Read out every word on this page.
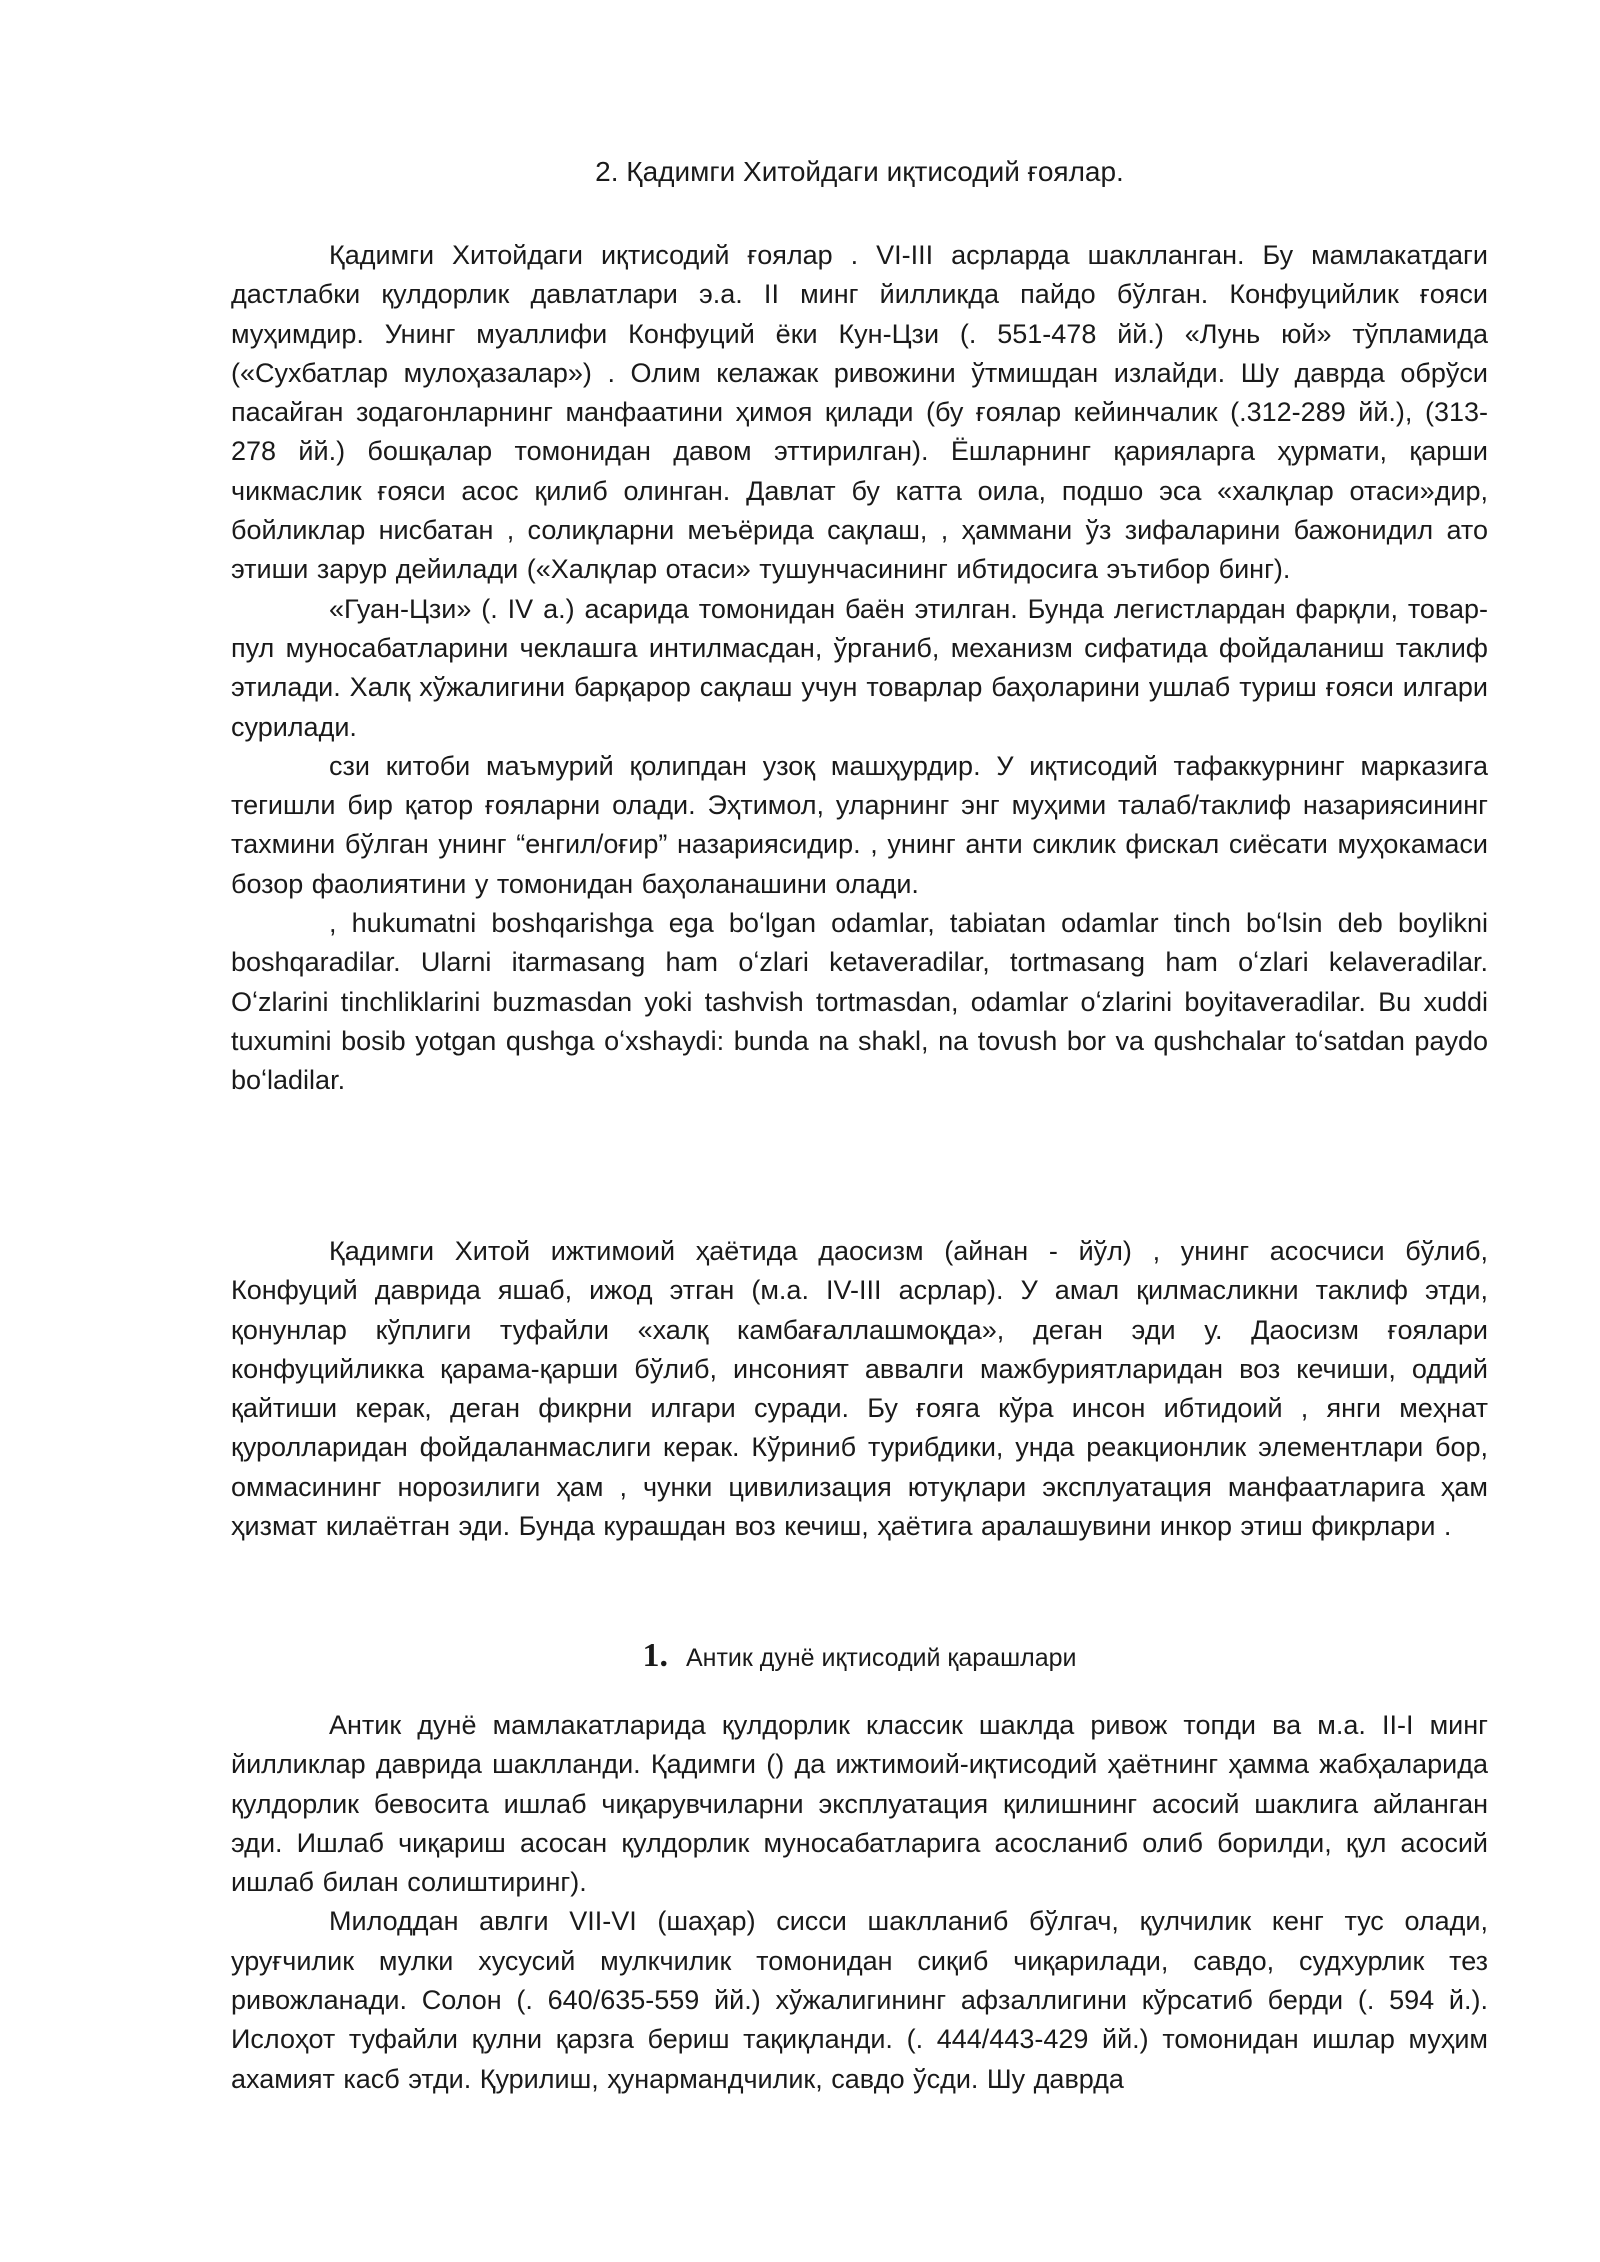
2. Қадимги Хитойдаги иқтисодий ғоялар.

Қадимги Хитойдаги иқтисодий ғоялар . VI-III асрларда шаклланган. Бу мамлакатдаги дастлабки қулдорлик давлатлари э.а. II минг йилликда пайдо бўлган. Конфуцийлик ғояси муҳимдир. Унинг муаллифи Конфуций ёки Кун-Цзи (. 551-478 йй.) «Лунь юй» тўпламида («Сухбатлар мулоҳазалар») . Олим келажак ривожини ўтмишдан излайди. Шу даврда обрўси пасайган зодагонларнинг манфаатини ҳимоя қилади (бу ғоялар кейинчалик (.312-289 йй.), (313-278 йй.) бошқалар томонидан давом эттирилган). Ёшларнинг қарияларга ҳурмати, қарши чикмаслик ғояси асос қилиб олинган. Давлат бу катта оила, подшо эса «халқлар отаси»дир, бойликлар нисбатан , солиқларни меъёрида сақлаш, , ҳаммани ўз зифаларини бажонидил ато этиши зарур дейилади («Халқлар отаси» тушунчасининг ибтидосига эътибор бинг).

«Гуан-Цзи» (. IV а.) асарида томонидан баён этилган. Бунда легистлардан фарқли, товар-пул муносабатларини чеклашга интилмасдан, ўрганиб, механизм сифатида фойдаланиш таклиф этилади. Халқ хўжалигини барқарор сақлаш учун товарлар баҳоларини ушлаб туриш ғояси илгари сурилади.

сзи китоби маъмурий қолипдан узоқ машҳурдир. У иқтисодий тафаккурнинг марказига тегишли бир қатор ғояларни олади. Эҳтимол, уларнинг энг муҳими талаб/таклиф назариясининг тахмини бўлган унинг “енгил/оғир” назариясидир. , унинг анти сиклик фискал сиёсати муҳокамаси бозор фаолиятини у томонидан баҳоланашини олади.

, hukumatni boshqarishga ega boʻlgan odamlar, tabiatan odamlar tinch boʻlsin deb boylikni boshqaradilar. Ularni itarmasang ham oʻzlari ketaveradilar, tortmasang ham oʻzlari kelaveradilar. Oʻzlarini tinchliklarini buzmasdan yoki tashvish tortmasdan, odamlar oʻzlarini boyitaveradilar. Bu xuddi tuxumini bosib yotgan qushga oʻxshaydi: bunda na shakl, na tovush bor va qushchalar toʻsatdan paydo boʻladilar.

Қадимги Хитой ижтимоий ҳаётида даосизм (айнан - йўл) , унинг асосчиси бўлиб, Конфуций даврида яшаб, ижод этган (м.а. IV-III асрлар). У амал қилмасликни таклиф этди, қонунлар кўплиги туфайли «халқ камбағаллашмоқда», деган эди у. Даосизм ғоялари конфуцийликка қарама-қарши бўлиб, инсоният аввалги мажбуриятларидан воз кечиши, оддий қайтиши керак, деган фикрни илгари суради. Бу ғояга кўра инсон ибтидоий , янги меҳнат қуролларидан фойдаланмаслиги керак. Кўриниб турибдики, унда реакционлик элементлари бор, оммасининг норозилиги ҳам , чунки цивилизация ютуқлари эксплуатация манфаатларига ҳам ҳизмат килаётган эди. Бунда курашдан воз кечиш, ҳаётига аралашувини инкор этиш фикрлари .

1. Антик дунё иқтисодий қарашлари

Антик дунё мамлакатларида қулдорлик классик шаклда ривож топди ва м.а. II-I минг йилликлар даврида шаклланди. Қадимги () да ижтимоий-иқтисодий ҳаётнинг ҳамма жабҳаларида қулдорлик бевосита ишлаб чиқарувчиларни эксплуатация қилишнинг асосий шаклига айланган эди. Ишлаб чиқариш асосан қулдорлик муносабатларига асосланиб олиб борилди, қул асосий ишлаб билан солиштиринг).

Милоддан авлги VII-VI (шаҳар) сисси шаклланиб бўлгач, қулчилик кенг тус олади, уруғчилик мулки хусусий мулкчилик томонидан сиқиб чиқарилади, савдо, судхурлик тез ривожланади. Солон (. 640/635-559 йй.) хўжалигининг афзаллигини кўрсатиб берди (. 594 й.). Ислоҳот туфайли қулни қарзга бериш тақиқланди. (. 444/443-429 йй.) томонидан ишлар муҳим ахамият касб этди. Қурилиш, ҳунармандчилик, савдо ўсди. Шу даврда
